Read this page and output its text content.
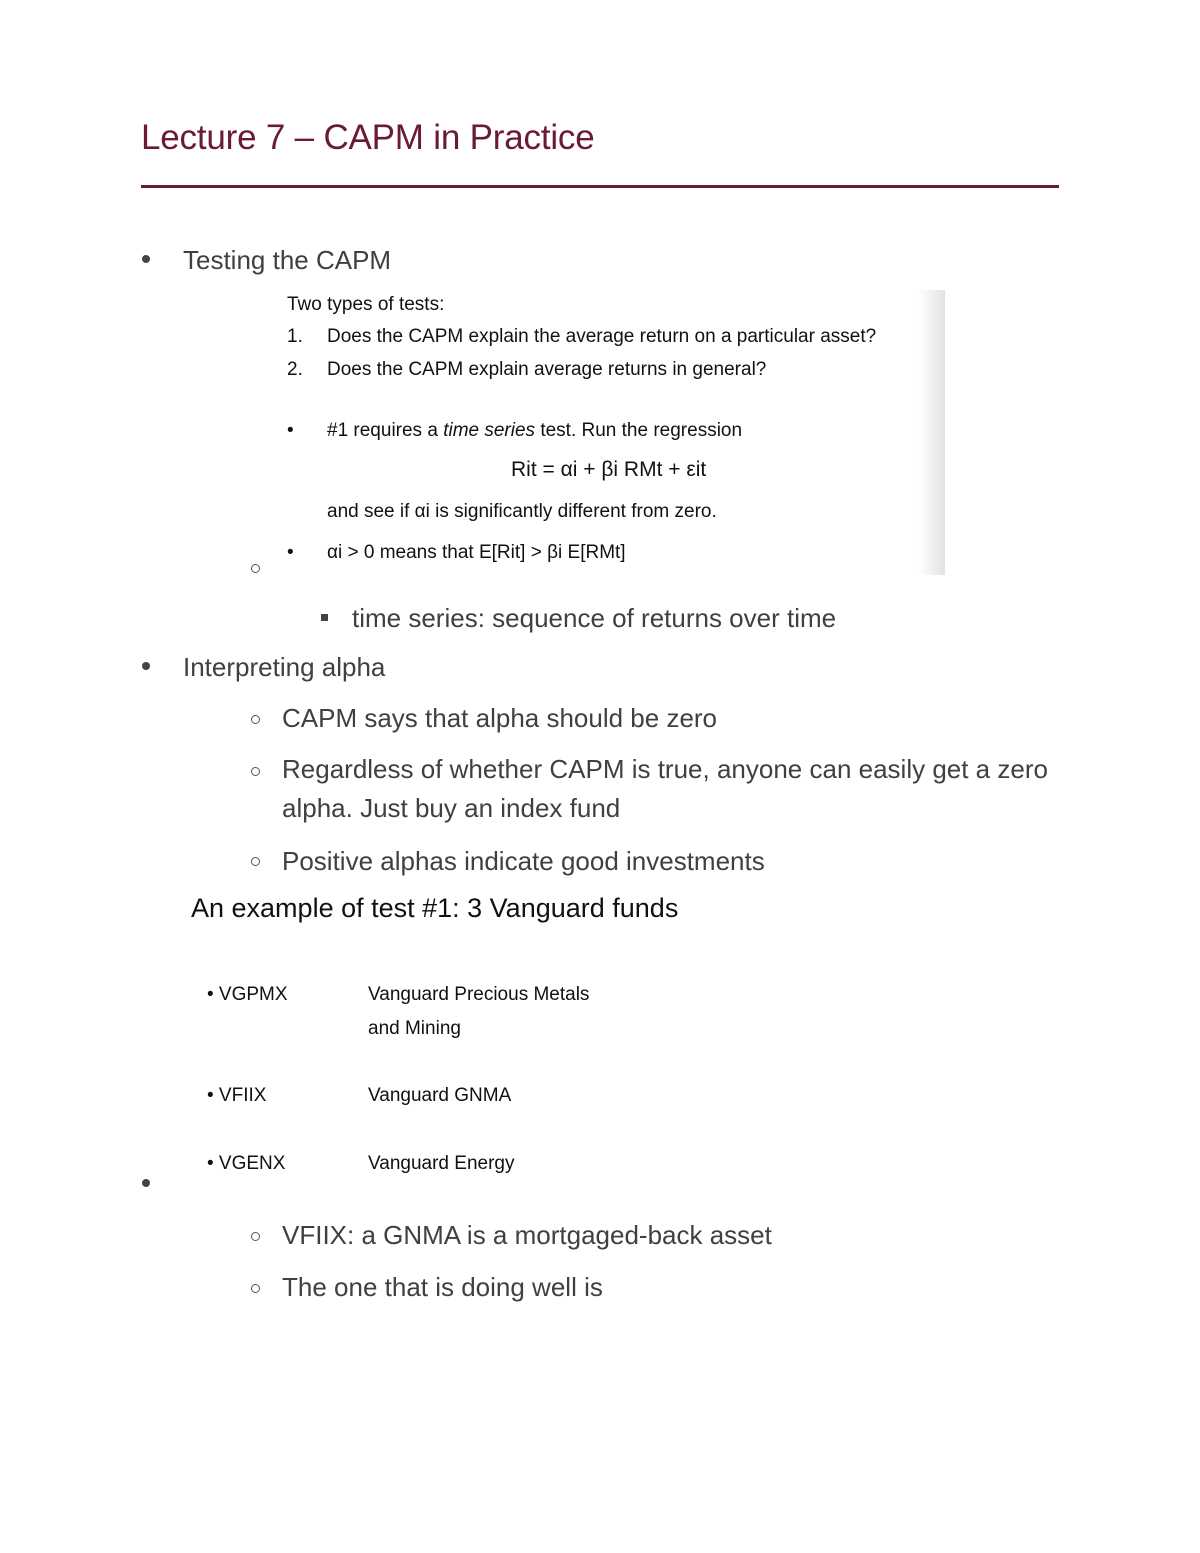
Lecture 7 – CAPM in Practice
Testing the CAPM
Two types of tests:
1. Does the CAPM explain the average return on a particular asset?
2. Does the CAPM explain average returns in general?
• #1 requires a time series test. Run the regression
Rit = αi + βi RMt + εit
and see if αi is significantly different from zero.
• αi > 0 means that E[Rit] > βi E[RMt]
time series: sequence of returns over time
Interpreting alpha
CAPM says that alpha should be zero
Regardless of whether CAPM is true, anyone can easily get a zero alpha. Just buy an index fund
Positive alphas indicate good investments
An example of test #1: 3 Vanguard funds
• VGPMX	Vanguard Precious Metals
and Mining
• VFIIX	Vanguard GNMA
• VGENX	Vanguard Energy
VFIIX: a GNMA is a mortgaged-back asset
The one that is doing well is
